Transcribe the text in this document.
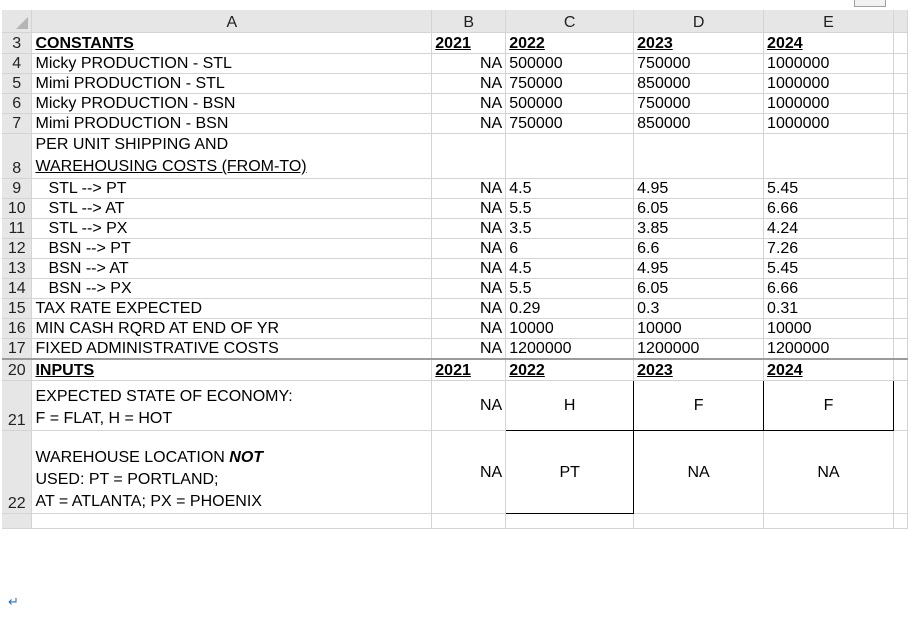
	A	B	C	D	E	
3	CONSTANTS	2021	2022	2023	2024	
4	Micky PRODUCTION - STL	NA	500000	750000	1000000	
5	Mimi PRODUCTION - STL	NA	750000	850000	1000000	
6	Micky PRODUCTION - BSN	NA	500000	750000	1000000	
7	Mimi PRODUCTION - BSN	NA	750000	850000	1000000	
8	PER UNIT SHIPPING AND
WAREHOUSING COSTS (FROM-TO)					

9	STL --> PT	NA	4.5	4.95	5.45	
10	STL --> AT	NA	5.5	6.05	6.66	
11	STL --> PX	NA	3.5	3.85	4.24	
12	BSN --> PT	NA	6	6.6	7.26	
13	BSN --> AT	NA	4.5	4.95	5.45	
14	BSN --> PX	NA	5.5	6.05	6.66	
15	TAX RATE EXPECTED	NA	0.29	0.3	0.31	
16	MIN CASH RQRD AT END OF YR	NA	10000	10000	10000	
17	FIXED ADMINISTRATIVE COSTS	NA	1200000	1200000	1200000	
20	INPUTS	2021	2022	2023	2024	
21	EXPECTED STATE OF ECONOMY:
F = FLAT, H = HOT	NA	H	F	F	
22	WAREHOUSE LOCATION NOT
USED: PT = PORTLAND;
AT = ATLANTA; PX = PHOENIX	NA	PT	NA	NA	

↵
